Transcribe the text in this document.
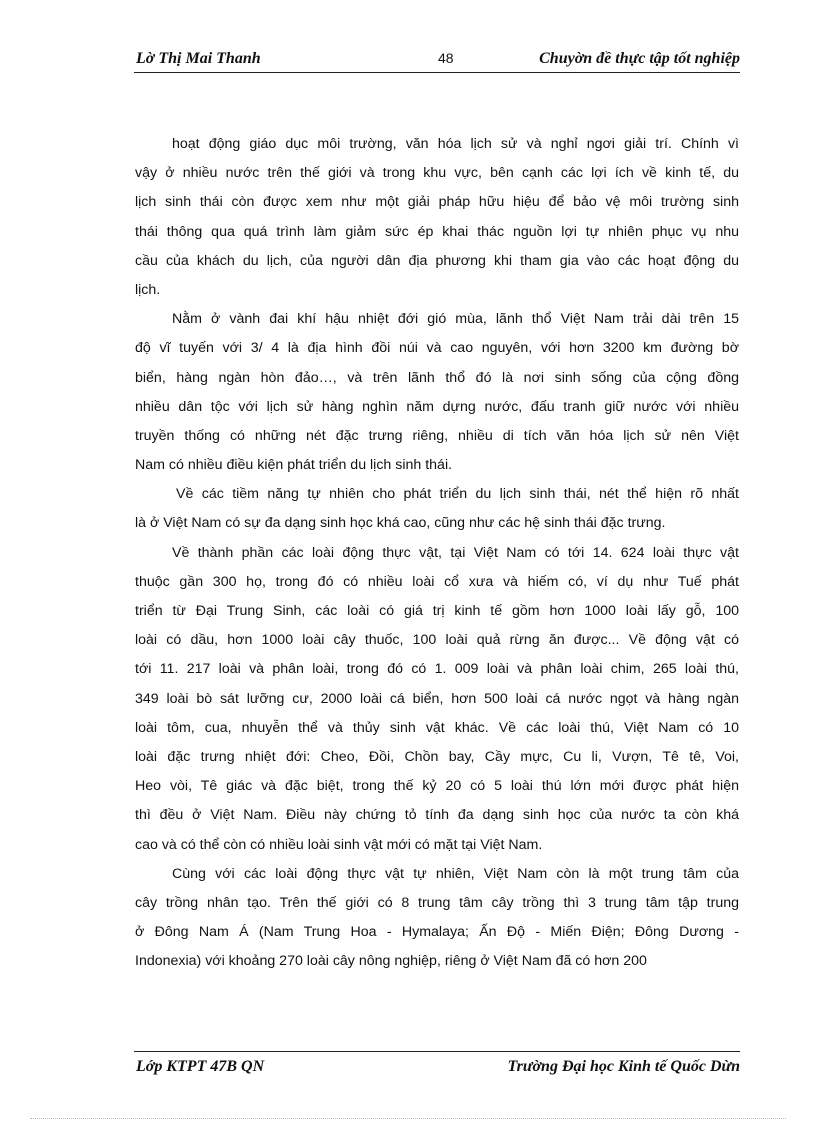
Lờ Thị Mai Thanh	48	Chuyờn đề thực tập tốt nghiệp
hoạt động giáo dục môi trường, văn hóa lịch sử và nghỉ ngơi giải trí. Chính vì
vậy ở nhiều nước trên thế giới và trong khu vực, bên cạnh các lợi ích về kinh tế, du
lịch sinh thái còn được xem như một giải pháp hữu hiệu để bảo vệ môi trường sinh
thái thông qua quá trình làm giảm sức ép khai thác nguồn lợi tự nhiên phục vụ nhu
cầu của khách du lịch, của người dân địa phương khi tham gia vào các hoạt động du
lịch.
Nằm ở vành đai khí hậu nhiệt đới gió mùa, lãnh thổ Việt Nam trải dài trên 15
độ vĩ tuyến với 3/ 4 là địa hình đồi núi và cao nguyên, với hơn 3200 km đường bờ
biển, hàng ngàn hòn đảo…, và trên lãnh thổ đó là nơi sinh sống của cộng đồng
nhiều dân tộc với lịch sử hàng nghìn năm dựng nước, đấu tranh giữ nước với nhiều
truyền thống có những nét đặc trưng riêng, nhiều di tích văn hóa lịch sử nên Việt
Nam có nhiều điều kiện phát triển du lịch sinh thái.
Về các tiềm năng tự nhiên cho phát triển du lịch sinh thái, nét thể hiện rõ nhất
là ở Việt Nam có sự đa dạng sinh học khá cao, cũng như các hệ sinh thái đặc trưng.
Về thành phần các loài động thực vật, tại Việt Nam có tới 14. 624 loài thực vật
thuộc gần 300 họ, trong đó có nhiều loài cổ xưa và hiếm có, ví dụ như Tuế phát
triển từ Đại Trung Sinh, các loài có giá trị kinh tế gồm hơn 1000 loài lấy gỗ, 100
loài có dầu, hơn 1000 loài cây thuốc, 100 loài quả rừng ăn được... Về động vật có
tới 11. 217 loài và phân loài, trong đó có 1. 009 loài và phân loài chim, 265 loài thú,
349 loài bò sát lưỡng cư, 2000 loài cá biển, hơn 500 loài cá nước ngọt và hàng ngàn
loài tôm, cua, nhuyễn thể và thủy sinh vật khác. Về các loài thú, Việt Nam có 10
loài đặc trưng nhiệt đới: Cheo, Đồi, Chồn bay, Cầy mực, Cu li, Vượn, Tê tê, Voi,
Heo vòi, Tê giác và đặc biệt, trong thế kỷ 20 có 5 loài thú lớn mới được phát hiện
thì đều ở Việt Nam. Điều này chứng tỏ tính đa dạng sinh học của nước ta còn khá
cao và có thể còn có nhiều loài sinh vật mới có mặt tại Việt Nam.
Cùng với các loài động thực vật tự nhiên, Việt Nam còn là một trung tâm của
cây trồng nhân tạo. Trên thế giới có 8 trung tâm cây trồng thì 3 trung tâm tập trung
ở Đông Nam Á (Nam Trung Hoa - Hymalaya; Ấn Độ - Miến Điện; Đông Dương -
Indonexia) với khoảng 270 loài cây nông nghiệp, riêng ở Việt Nam đã có hơn 200
Lớp KTPT 47B QN	Trường Đại học Kinh tế Quốc Dừn
